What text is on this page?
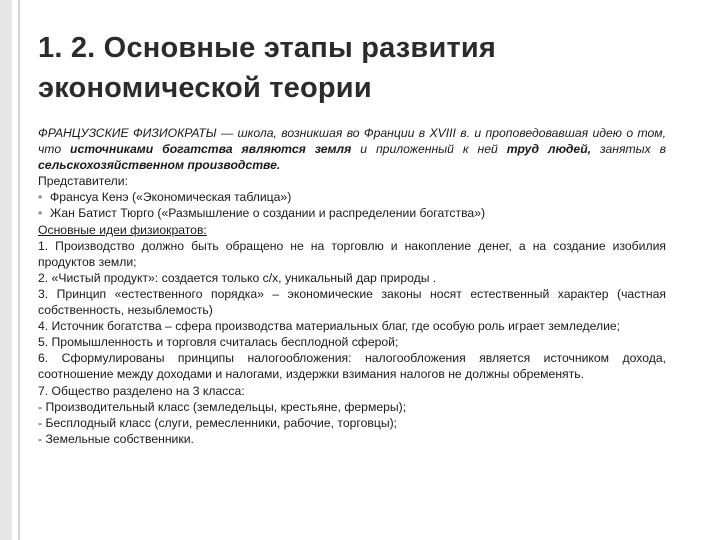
1. 2. Основные этапы развития
экономической теории

ФРАНЦУЗСКИЕ ФИЗИОКРАТЫ — школа, возникшая во Франции в XVIII в. и проповедовавшая идею о том, что источниками богатства являются земля и приложенный к ней труд людей, занятых в сельскохозяйственном производстве.

Представители:

• Франсуа Кенэ («Экономическая таблица»)

• Жан Батист Тюрго («Размышление о создании и распределении богатства»)

Основные идеи физиократов:

1. Производство должно быть обращено не на торговлю и накопление денег, а на создание изобилия продуктов земли;

2. «Чистый продукт»: создается только с/х, уникальный дар природы .

3. Принцип «естественного порядка» – экономические законы носят естественный характер (частная собственность, незыблемость)

4. Источник богатства – сфера производства материальных благ, где особую роль играет земледелие;

5. Промышленность и торговля считалась бесплодной сферой;

6. Сформулированы принципы налогообложения: налогообложения является источником дохода, соотношение между доходами и налогами, издержки взимания налогов не должны обременять.

7. Общество разделено на 3 класса:

- Производительный класс (земледельцы, крестьяне, фермеры);

- Бесплодный класс (слуги, ремесленники, рабочие, торговцы);

- Земельные собственники.
